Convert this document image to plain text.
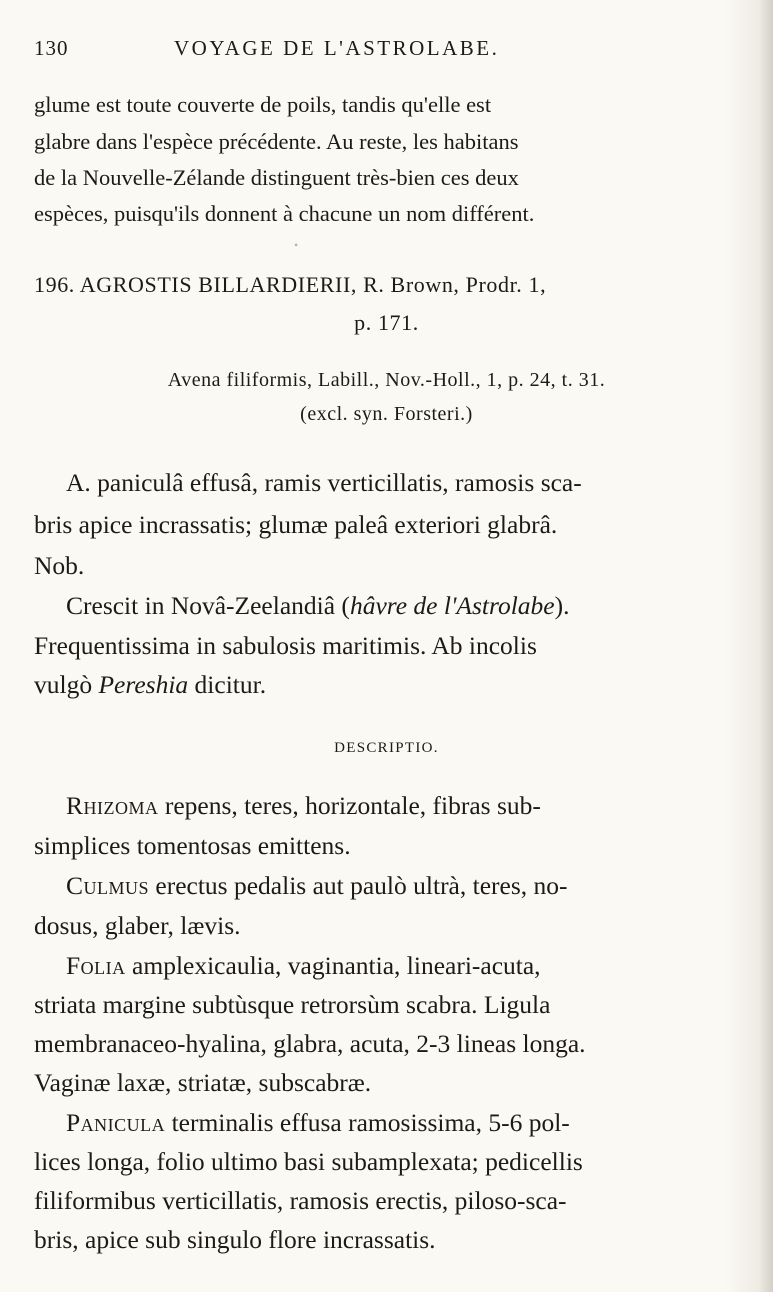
130	VOYAGE DE L'ASTROLABE.
glume est toute couverte de poils, tandis qu'elle est
glabre dans l'espèce précédente. Au reste, les habitans
de la Nouvelle-Zélande distinguent très-bien ces deux
espèces, puisqu'ils donnent à chacune un nom différent.
•
196. AGROSTIS BILLARDIERII, R. Brown, Prodr. 1,
p. 171.
Avena filiformis, Labill., Nov.-Holl., 1, p. 24, t. 31.
(excl. syn. Forsteri.)
A. paniculâ effusâ, ramis verticillatis, ramosis sca-
bris apice incrassatis; glumæ paleâ exteriori glabrâ.
Nob.
Crescit in Novâ-Zeelandiâ (hâvre de l'Astrolabe).
Frequentissima in sabulosis maritimis. Ab incolis
vulgò Pereshia dicitur.
DESCRIPTIO.
Rhizoma repens, teres, horizontale, fibras sub-
simplices tomentosas emittens.
Culmus erectus pedalis aut paulò ultrà, teres, no-
dosus, glaber, lævis.
Folia amplexicaulia, vaginantia, lineari-acuta,
striata margine subtùsque retrorsùm scabra. Ligula
membranaceo-hyalina, glabra, acuta, 2-3 lineas longa.
Vaginæ laxæ, striatæ, subscabræ.
Panicula terminalis effusa ramosissima, 5-6 pol-
lices longa, folio ultimo basi subamplexata; pedicellis
filiformibus verticillatis, ramosis erectis, piloso-sca-
bris, apice sub singulo flore incrassatis.
